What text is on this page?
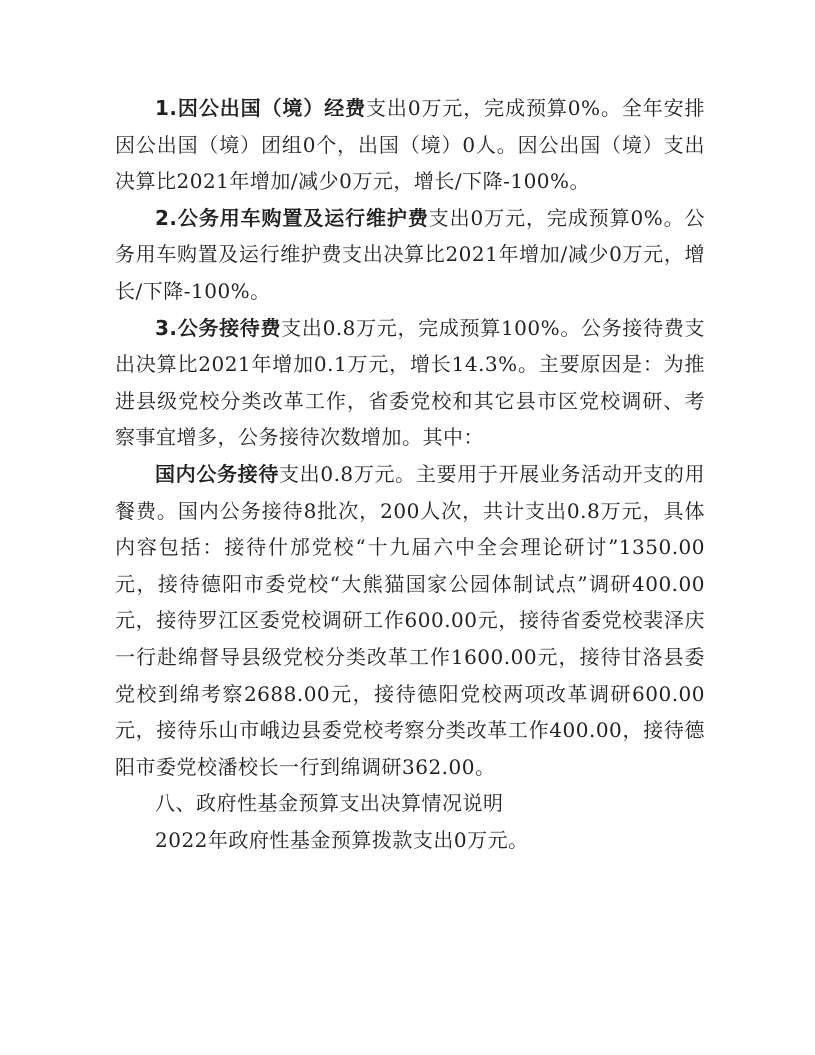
1.因公出国（境）经费支出0万元，完成预算0%。全年安排因公出国（境）团组0个，出国（境）0人。因公出国（境）支出决算比2021年增加/减少0万元，增长/下降-100%。

2.公务用车购置及运行维护费支出0万元，完成预算0%。公务用车购置及运行维护费支出决算比2021年增加/减少0万元，增长/下降-100%。

3.公务接待费支出0.8万元，完成预算100%。公务接待费支出决算比2021年增加0.1万元，增长14.3%。主要原因是：为推进县级党校分类改革工作，省委党校和其它县市区党校调研、考察事宜增多，公务接待次数增加。其中：

国内公务接待支出0.8万元。主要用于开展业务活动开支的用餐费。国内公务接待8批次，200人次，共计支出0.8万元，具体内容包括：接待什邡党校“十九届六中全会理论研讨”1350.00元，接待德阳市委党校“大熊猫国家公园体制试点”调研400.00元，接待罗江区委党校调研工作600.00元，接待省委党校裴泽庆一行赴绵督导县级党校分类改革工作1600.00元，接待甘洛县委党校到绵考察2688.00元，接待德阳党校两项改革调研600.00元，接待乐山市峨边县委党校考察分类改革工作400.00，接待德阳市委党校潘校长一行到绵调研362.00。

八、政府性基金预算支出决算情况说明

2022年政府性基金预算拨款支出0万元。
